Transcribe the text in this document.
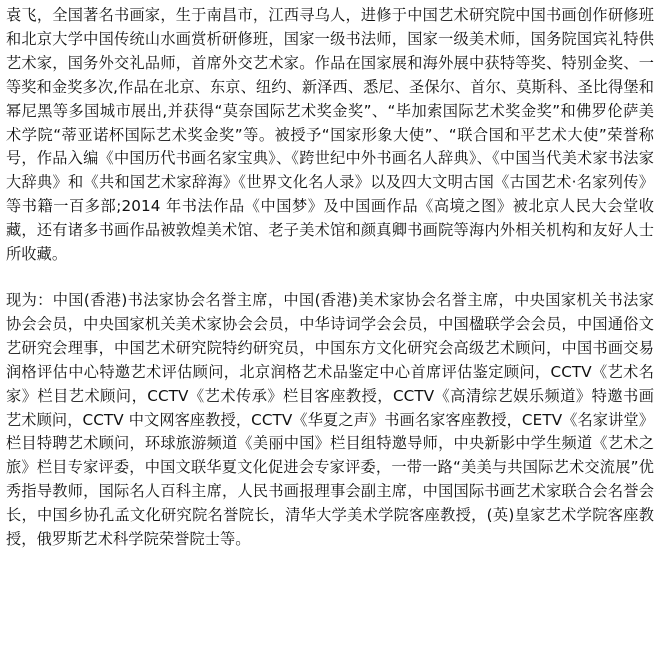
袁飞，全国著名书画家，生于南昌市，江西寻乌人，进修于中国艺术研究院中国书画创作研修班和北京大学中国传统山水画赏析研修班，国家一级书法师，国家一级美术师，国务院国宾礼特供艺术家，国务外交礼品师，首席外交艺术家。作品在国家展和海外展中获特等奖、特别金奖、一等奖和金奖多次,作品在北京、东京、纽约、新泽西、悉尼、圣保尔、首尔、莫斯科、圣比得堡和幂尼黑等多国城市展出,并获得“莫奈国际艺术奖金奖”、“毕加索国际艺术奖金奖”和佛罗伦萨美术学院“蒂亚诺杯国际艺术奖金奖”等。被授予“国家形象大使”、“联合国和平艺术大使”荣誉称号，作品入编《中国历代书画名家宝典》、《跨世纪中外书画名人辞典》、《中国当代美术家书法家大辞典》和《共和国艺术家辞海》《世界文化名人录》以及四大文明古国《古国艺术·名家列传》等书籍一百多部;2014 年书法作品《中国梦》及中国画作品《高境之图》被北京人民大会堂收藏，还有诸多书画作品被敦煌美术馆、老子美术馆和颜真卿书画院等海内外相关机构和友好人士所收藏。

现为：中国(香港)书法家协会名誉主席，中国(香港)美术家协会名誉主席，中央国家机关书法家协会会员，中央国家机关美术家协会会员，中华诗词学会会员，中国楹联学会会员，中国通俗文艺研究会理事，中国艺术研究院特约研究员，中国东方文化研究会高级艺术顾问，中国书画交易润格评估中心特邀艺术评估顾问，北京润格艺术品鉴定中心首席评估鉴定顾问，CCTV《艺术名家》栏目艺术顾问，CCTV《艺术传承》栏目客座教授，CCTV《高清综艺娱乐频道》特邀书画艺术顾问，CCTV 中文网客座教授，CCTV《华夏之声》书画名家客座教授，CETV《名家讲堂》栏目特聘艺术顾问，环球旅游频道《美丽中国》栏目组特邀导师，中央新影中学生频道《艺术之旅》栏目专家评委，中国文联华夏文化促进会专家评委，一带一路“美美与共国际艺术交流展”优秀指导教师，国际名人百科主席，人民书画报理事会副主席，中国国际书画艺术家联合会名誉会长，中国乡协孔孟文化研究院名誉院长，清华大学美术学院客座教授，(英)皇家艺术学院客座教授，俄罗斯艺术科学院荣誉院士等。
